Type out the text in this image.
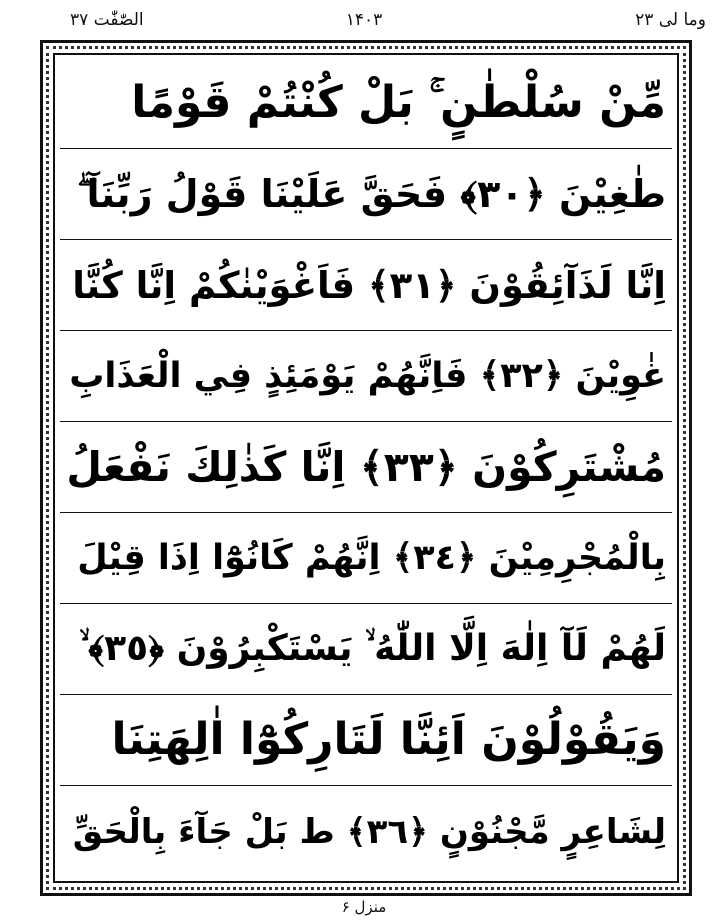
وما لی ۲۳
۱۴۰۳
الصّٰفّٰت ۳۷
مِّنْ سُلْطٰنٍ ۚ بَلْ كُنْتُمْ قَوْمًا
طٰغِيْنَ ﴿٣٠﴾ فَحَقَّ عَلَيْنَا قَوْلُ رَبِّنَآ ۖ
اِنَّا لَذَآئِقُوْنَ ﴿٣١﴾ فَاَغْوَيْنٰكُمْ اِنَّا كُنَّا
غٰوِيْنَ ﴿٣٢﴾ فَاِنَّهُمْ يَوْمَئِذٍ فِي الْعَذَابِ
مُشْتَرِكُوْنَ ﴿٣٣﴾ اِنَّا كَذٰلِكَ نَفْعَلُ
بِالْمُجْرِمِيْنَ ﴿٣٤﴾ اِنَّهُمْ كَانُوْٓا اِذَا قِيْلَ
لَهُمْ لَآ اِلٰهَ اِلَّا اللّٰهُ ۙ يَسْتَكْبِرُوْنَ ﴿٣٥﴾ ۙ
وَيَقُوْلُوْنَ اَئِنَّا لَتَارِكُوْٓا اٰلِهَتِنَا
لِشَاعِرٍ مَّجْنُوْنٍ ﴿٣٦﴾ ط بَلْ جَآءَ بِالْحَقِّ
منزل ۶
